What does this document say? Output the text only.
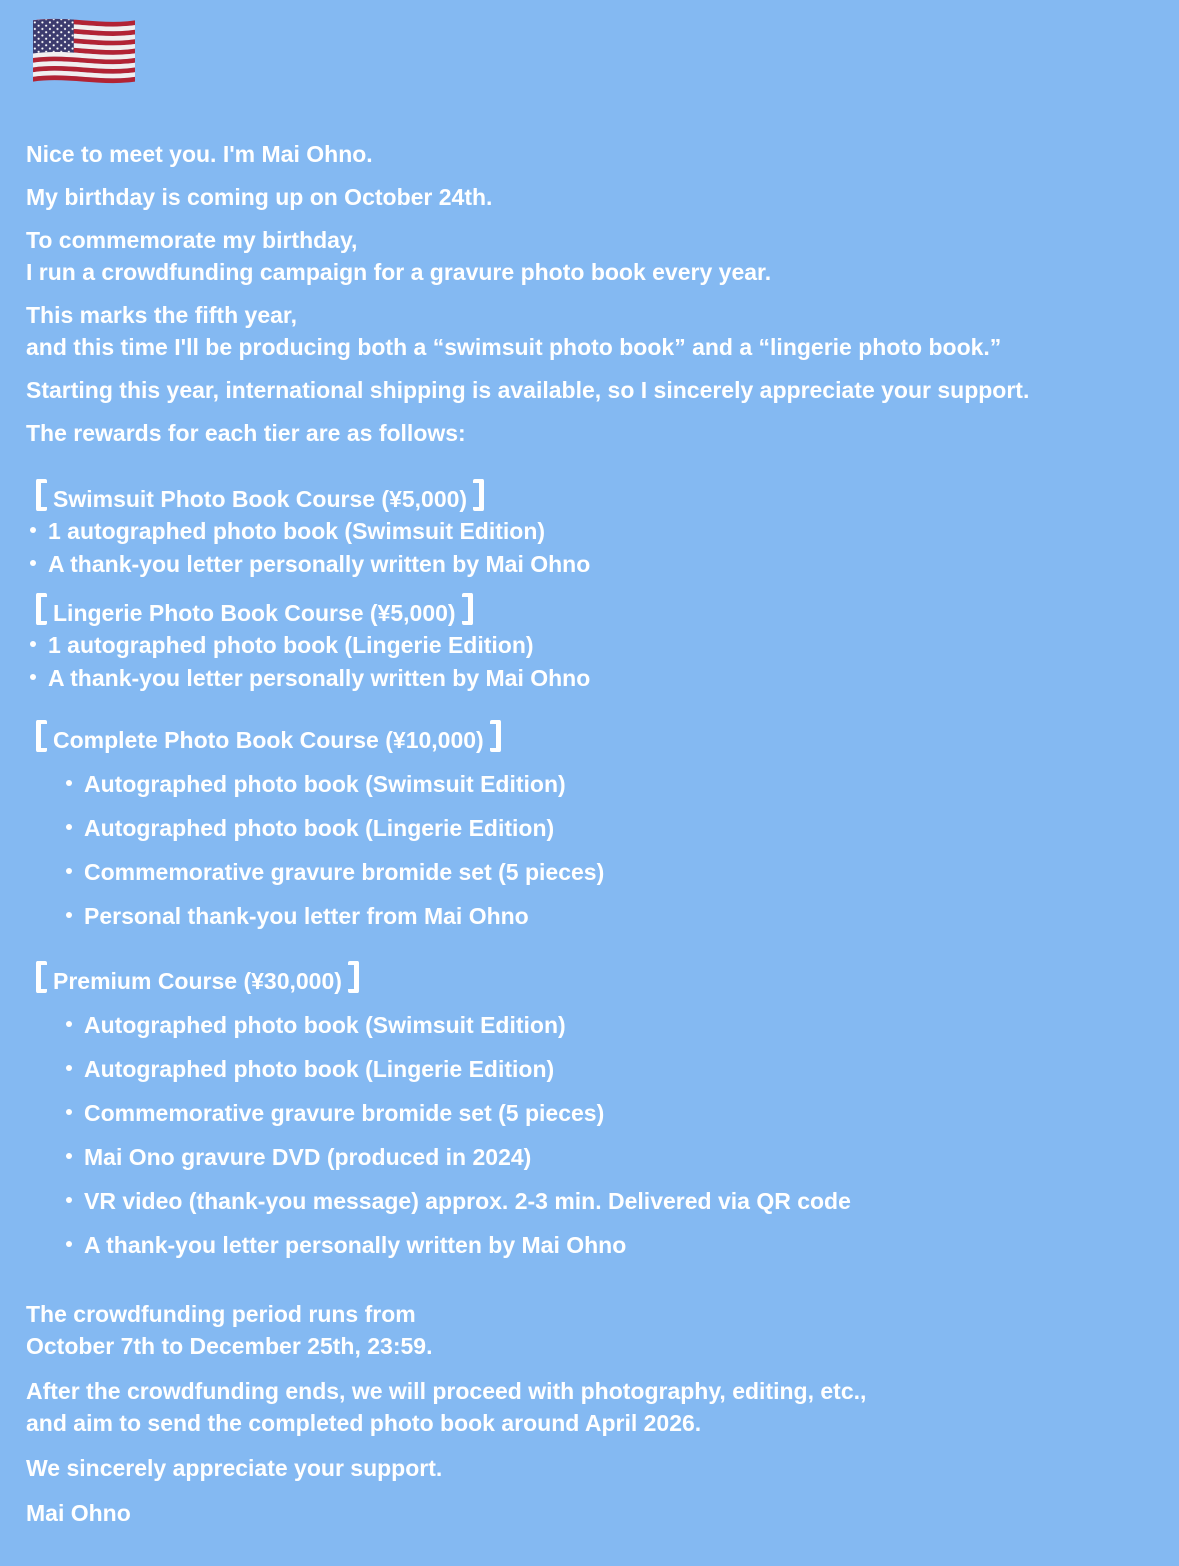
Nice to meet you. I'm Mai Ohno.

My birthday is coming up on October 24th.

To commemorate my birthday,
I run a crowdfunding campaign for a gravure photo book every year.

This marks the fifth year,
and this time I'll be producing both a “swimsuit photo book” and a “lingerie photo book.”

Starting this year, international shipping is available, so I sincerely appreciate your support.

The rewards for each tier are as follows:

Swimsuit Photo Book Course (¥5,000)
1 autographed photo book (Swimsuit Edition)
A thank-you letter personally written by Mai Ohno
Lingerie Photo Book Course (¥5,000)
1 autographed photo book (Lingerie Edition)
A thank-you letter personally written by Mai Ohno
Complete Photo Book Course (¥10,000)
Autographed photo book (Swimsuit Edition)
Autographed photo book (Lingerie Edition)
Commemorative gravure bromide set (5 pieces)
Personal thank-you letter from Mai Ohno
Premium Course (¥30,000)
Autographed photo book (Swimsuit Edition)
Autographed photo book (Lingerie Edition)
Commemorative gravure bromide set (5 pieces)
Mai Ono gravure DVD (produced in 2024)
VR video (thank-you message) approx. 2-3 min. Delivered via QR code
A thank-you letter personally written by Mai Ohno

The crowdfunding period runs from
October 7th to December 25th, 23:59.

After the crowdfunding ends, we will proceed with photography, editing, etc.,
and aim to send the completed photo book around April 2026.

We sincerely appreciate your support.

Mai Ohno
